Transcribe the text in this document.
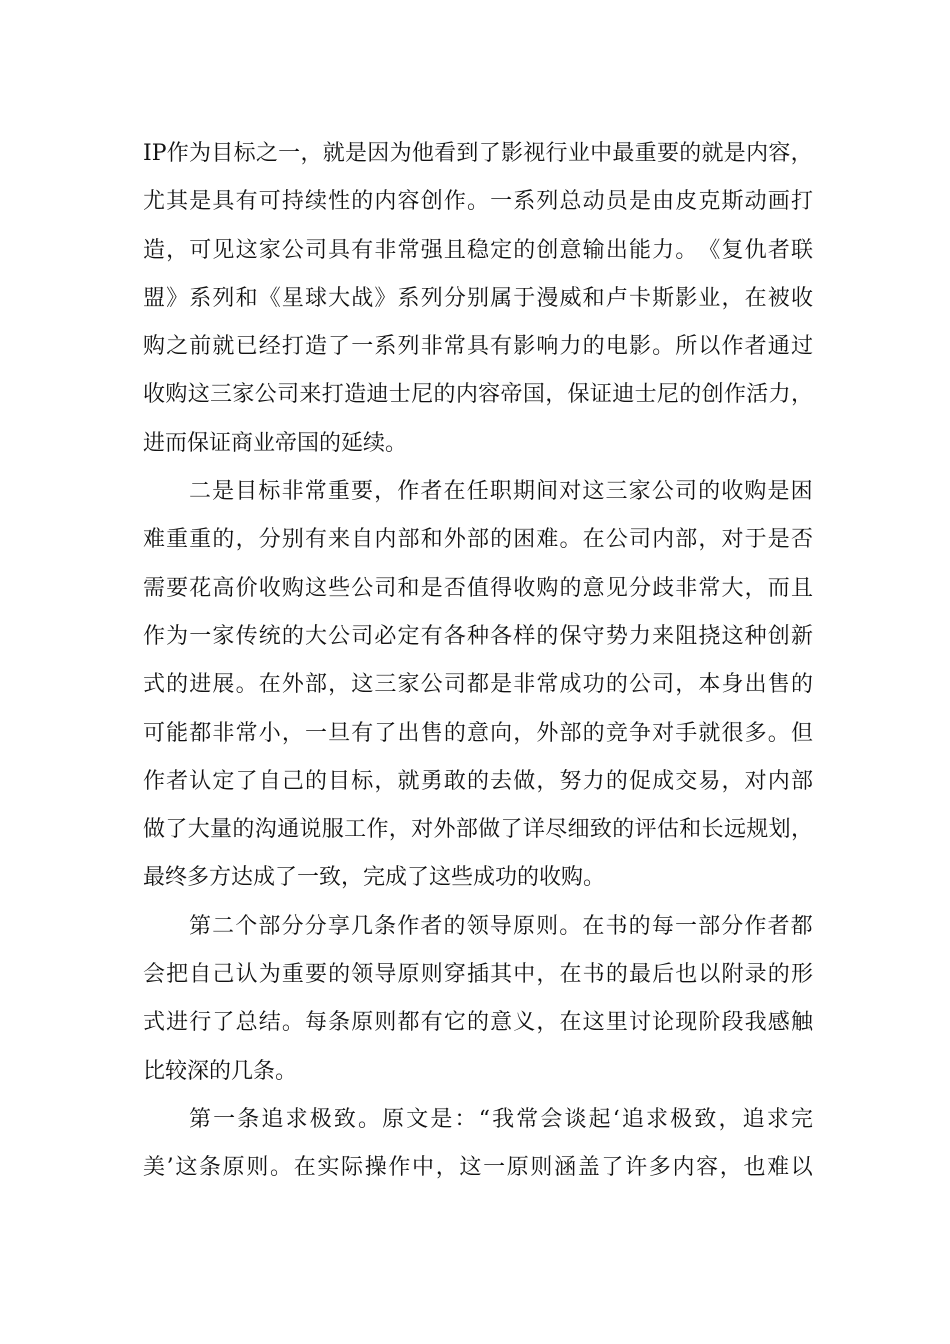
IP 作 为 目 标 之 一 ， 就 是 因 为 他 看 到 了 影 视 行 业 中 最 重 要 的 就 是 内 容 ，
尤 其 是 具 有 可 持 续 性 的 内 容 创 作 。 一 系 列 总 动 员 是 由 皮 克 斯 动 画 打
造 ， 可 见 这 家 公 司 具 有 非 常 强 且 稳 定 的 创 意 输 出 能 力 。 《 复 仇 者 联
盟 》 系 列 和 《 星 球 大 战 》 系 列 分 别 属 于 漫 威 和 卢 卡 斯 影 业 ， 在 被 收
购 之 前 就 已 经 打 造 了 一 系 列 非 常 具 有 影 响 力 的 电 影 。 所 以 作 者 通 过
收 购 这 三 家 公 司 来 打 造 迪 士 尼 的 内 容 帝 国 ， 保 证 迪 士 尼 的 创 作 活 力 ，
进而保证商业帝国的延续。
二 是 目 标 非 常 重 要 ， 作 者 在 任 职 期 间 对 这 三 家 公 司 的 收 购 是 困
难 重 重 的 ， 分 别 有 来 自 内 部 和 外 部 的 困 难 。 在 公 司 内 部 ， 对 于 是 否
需 要 花 高 价 收 购 这 些 公 司 和 是 否 值 得 收 购 的 意 见 分 歧 非 常 大 ， 而 且
作 为 一 家 传 统 的 大 公 司 必 定 有 各 种 各 样 的 保 守 势 力 来 阻 挠 这 种 创 新
式 的 进 展 。 在 外 部 ， 这 三 家 公 司 都 是 非 常 成 功 的 公 司 ， 本 身 出 售 的
可 能 都 非 常 小 ， 一 旦 有 了 出 售 的 意 向 ， 外 部 的 竞 争 对 手 就 很 多 。 但
作 者 认 定 了 自 己 的 目 标 ， 就 勇 敢 的 去 做 ， 努 力 的 促 成 交 易 ， 对 内 部
做 了 大 量 的 沟 通 说 服 工 作 ， 对 外 部 做 了 详 尽 细 致 的 评 估 和 长 远 规 划 ，
最终多方达成了一致，完成了这些成功的收购。
第 二 个 部 分 分 享 几 条 作 者 的 领 导 原 则 。 在 书 的 每 一 部 分 作 者 都
会 把 自 己 认 为 重 要 的 领 导 原 则 穿 插 其 中 ， 在 书 的 最 后 也 以 附 录 的 形
式 进 行 了 总 结 。 每 条 原 则 都 有 它 的 意 义 ， 在 这 里 讨 论 现 阶 段 我 感 触
比较深的几条。
第 一 条 追 求 极 致 。 原 文 是 ： “ 我 常 会 谈 起 ‘ 追 求 极 致 ， 追 求 完
美 ’ 这 条 原 则 。 在 实 际 操 作 中 ， 这 一 原 则 涵 盖 了 许 多 内 容 ， 也 难 以
